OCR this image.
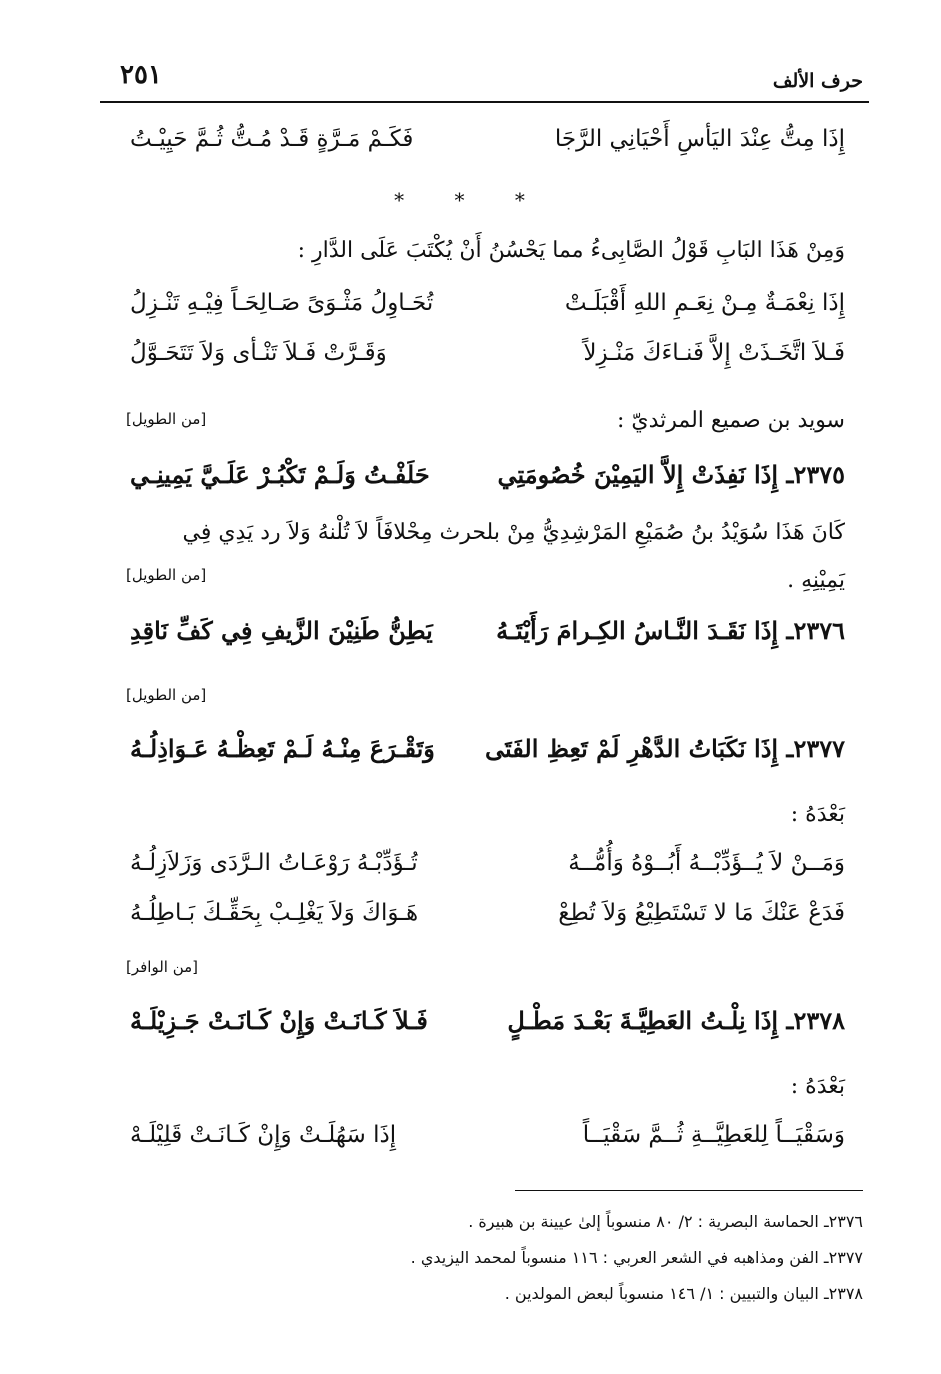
حرف الألف
٢٥١
إِذَا مِتُّ عِنْدَ اليَأسِ أَحْيَانِي الرَّجَا
فَكَـمْ مَـرَّةٍ قَـدْ مُـتُّ ثُـمَّ حَيِيْـتُ
* * *
وَمِنْ هَذَا البَابِ قَوْلُ الصَّابِىءُ مما يَحْسُنُ أَنْ يُكْتَبَ عَلَى الدَّارِ :
إِذَا نِعْمَـةٌ مِـنْ نِعَـمِ اللهِ أَقْبَلَـتْ
تُحَـاوِلُ مَثْـوَىً صَـالِحَـاً فِيْـهِ تَنْـزِلُ
فَـلاَ اتَّخَـذَتْ إِلاَّ فَنـاءَكَ مَنْـزِلاً
وَقَـرَّتْ فَـلاَ تَنْـأى وَلاَ تَتَحَـوَّلُ
سويد بن صميع المرثديّ :
[من الطويل]
٢٣٧٥ـ إِذَا نَفِذَتْ إِلاَّ اليَمِيْنَ خُصُومَتِي
حَلَفْـتُ وَلَـمْ تَكْبُـرْ عَلَـيَّ يَمِينِـي
كَانَ هَذَا سُوَيْدُ بنُ صُمَيْعِ المَرْشِدِيُّ مِنْ بلحرث مِحْلافَاً لاَ تُلْنهُ وَلاَ رد يَدِي فِي
يَمِيْنِهِ .
[من الطويل]
٢٣٧٦ـ إِذَا نَقَـدَ النَّـاسُ الكِـرامَ رَأَيْتَـهُ
يَطِنُّ طَنِيْنَ الزَّيفِ فِي كَفِّ نَاقِدِ
[من الطويل]
٢٣٧٧ـ إِذَا نَكَبَاتُ الدَّهْرِ لَمْ تَعِظِ الفَتَى
وَتَقْـرَعَ مِنْـهُ لَـمْ تَعِظْـهُ عَـوَاذِلُـهُ
بَعْدَهُ :
وَمَــنْ لاَ يُــؤَدِّبْــهُ أَبُــوْهُ وَأُمُّــهُ
تُـؤَدِّبْـهُ رَوْعَـاتُ الـرَّدَى وَزَلاَزِلُـهُ
فَدَعْ عَنْكَ مَا لا تَسْتَطِيْعُ وَلاَ تُطِعْ
هَـوَاكَ وَلاَ يَغْلِـبْ بِحَقِّـكَ بَـاطِلُـهُ
[من الوافر]
٢٣٧٨ـ إِذَا نِلْـتُ العَطِيَّـةَ بَعْـدَ مَطْـلٍ
فَـلاَ كَـانَـتْ وَإِنْ كَـانَـتْ جَـزِيْلَـهْ
بَعْدَهُ :
وَسَقْيَــاً لِلعَطِيَّــةِ ثُــمَّ سَقْيَــاً
إِذَا سَهُلَـتْ وَإِنْ كَـانَـتْ قَلِيْلَـهْ
٢٣٧٦ـ الحماسة البصرية : ٢/ ٨٠ منسوباً إلىٰ عيينة بن هبيرة .
٢٣٧٧ـ الفن ومذاهبه في الشعر العربي : ١١٦ منسوباً لمحمد اليزيدي .
٢٣٧٨ـ البيان والتبيين : ١/ ١٤٦ منسوباً لبعض المولدين .
